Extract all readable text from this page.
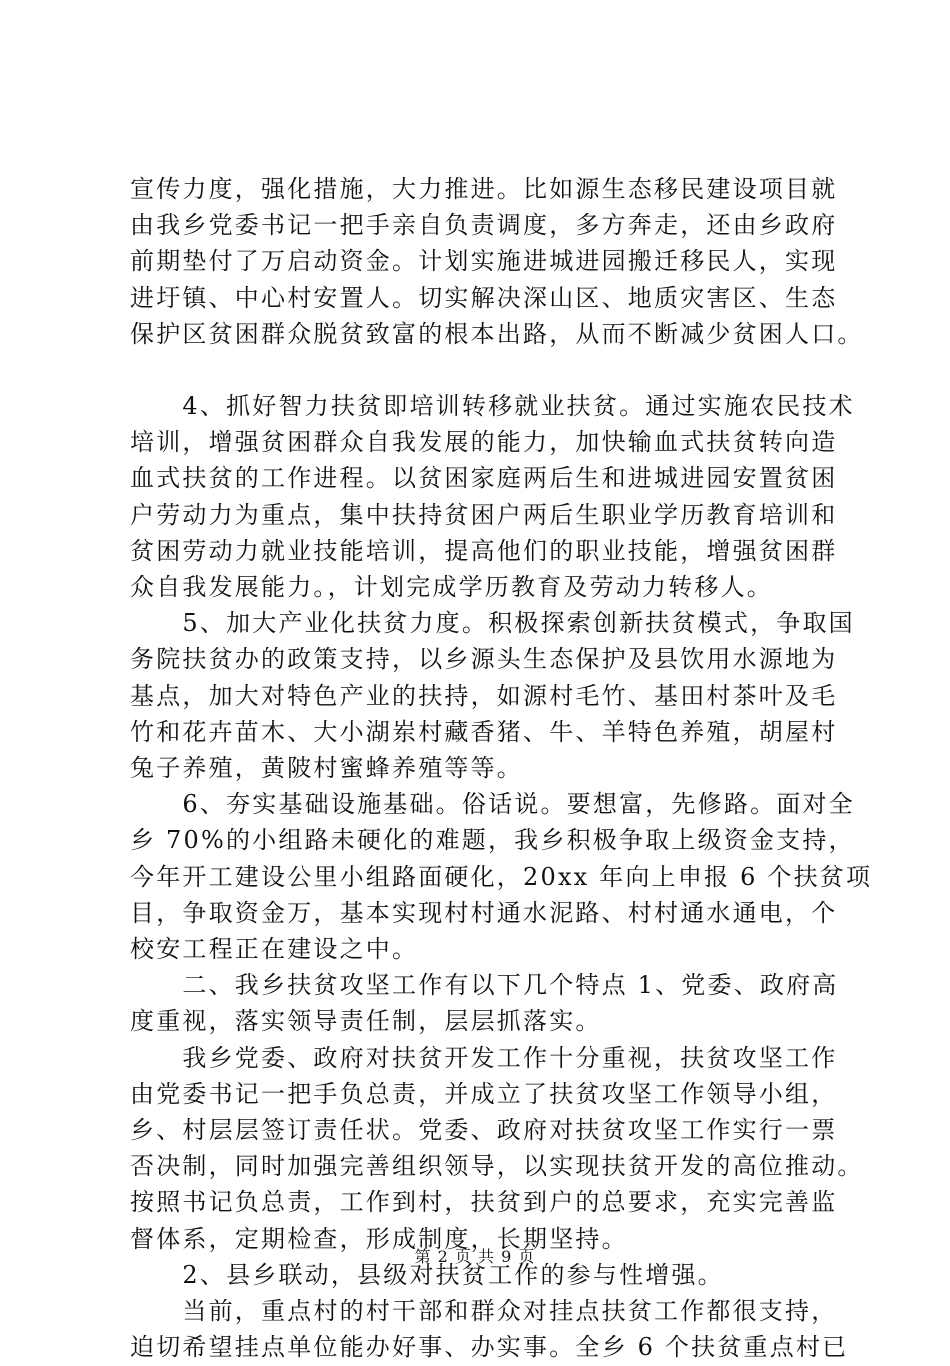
宣传力度，强化措施，大力推进。比如源生态移民建设项目就
由我乡党委书记一把手亲自负责调度，多方奔走，还由乡政府
前期垫付了万启动资金。计划实施进城进园搬迁移民人，实现
进圩镇、中心村安置人。切实解决深山区、地质灾害区、生态
保护区贫困群众脱贫致富的根本出路，从而不断减少贫困人口。

　　4、抓好智力扶贫即培训转移就业扶贫。通过实施农民技术
培训，增强贫困群众自我发展的能力，加快输血式扶贫转向造
血式扶贫的工作进程。以贫困家庭两后生和进城进园安置贫困
户劳动力为重点，集中扶持贫困户两后生职业学历教育培训和
贫困劳动力就业技能培训，提高他们的职业技能，增强贫困群
众自我发展能力。，计划完成学历教育及劳动力转移人。

　　5、加大产业化扶贫力度。积极探索创新扶贫模式，争取国
务院扶贫办的政策支持，以乡源头生态保护及县饮用水源地为
基点，加大对特色产业的扶持，如源村毛竹、基田村茶叶及毛
竹和花卉苗木、大小湖岽村藏香猪、牛、羊特色养殖，胡屋村
兔子养殖，黄陂村蜜蜂养殖等等。

　　6、夯实基础设施基础。俗话说。要想富，先修路。面对全
乡 70%的小组路未硬化的难题，我乡积极争取上级资金支持，
今年开工建设公里小组路面硬化，20xx 年向上申报 6 个扶贫项
目，争取资金万，基本实现村村通水泥路、村村通水通电，个
校安工程正在建设之中。

　　二、我乡扶贫攻坚工作有以下几个特点 1、党委、政府高
度重视，落实领导责任制，层层抓落实。

　　我乡党委、政府对扶贫开发工作十分重视，扶贫攻坚工作
由党委书记一把手负总责，并成立了扶贫攻坚工作领导小组，
乡、村层层签订责任状。党委、政府对扶贫攻坚工作实行一票
否决制，同时加强完善组织领导，以实现扶贫开发的高位推动。
按照书记负总责，工作到村，扶贫到户的总要求，充实完善监
督体系，定期检查，形成制度，长期坚持。

　　2、县乡联动，县级对扶贫工作的参与性增强。

　　当前，重点村的村干部和群众对挂点扶贫工作都很支持，
迫切希望挂点单位能办好事、办实事。全乡 6 个扶贫重点村已

第 2 页 共 9 页
